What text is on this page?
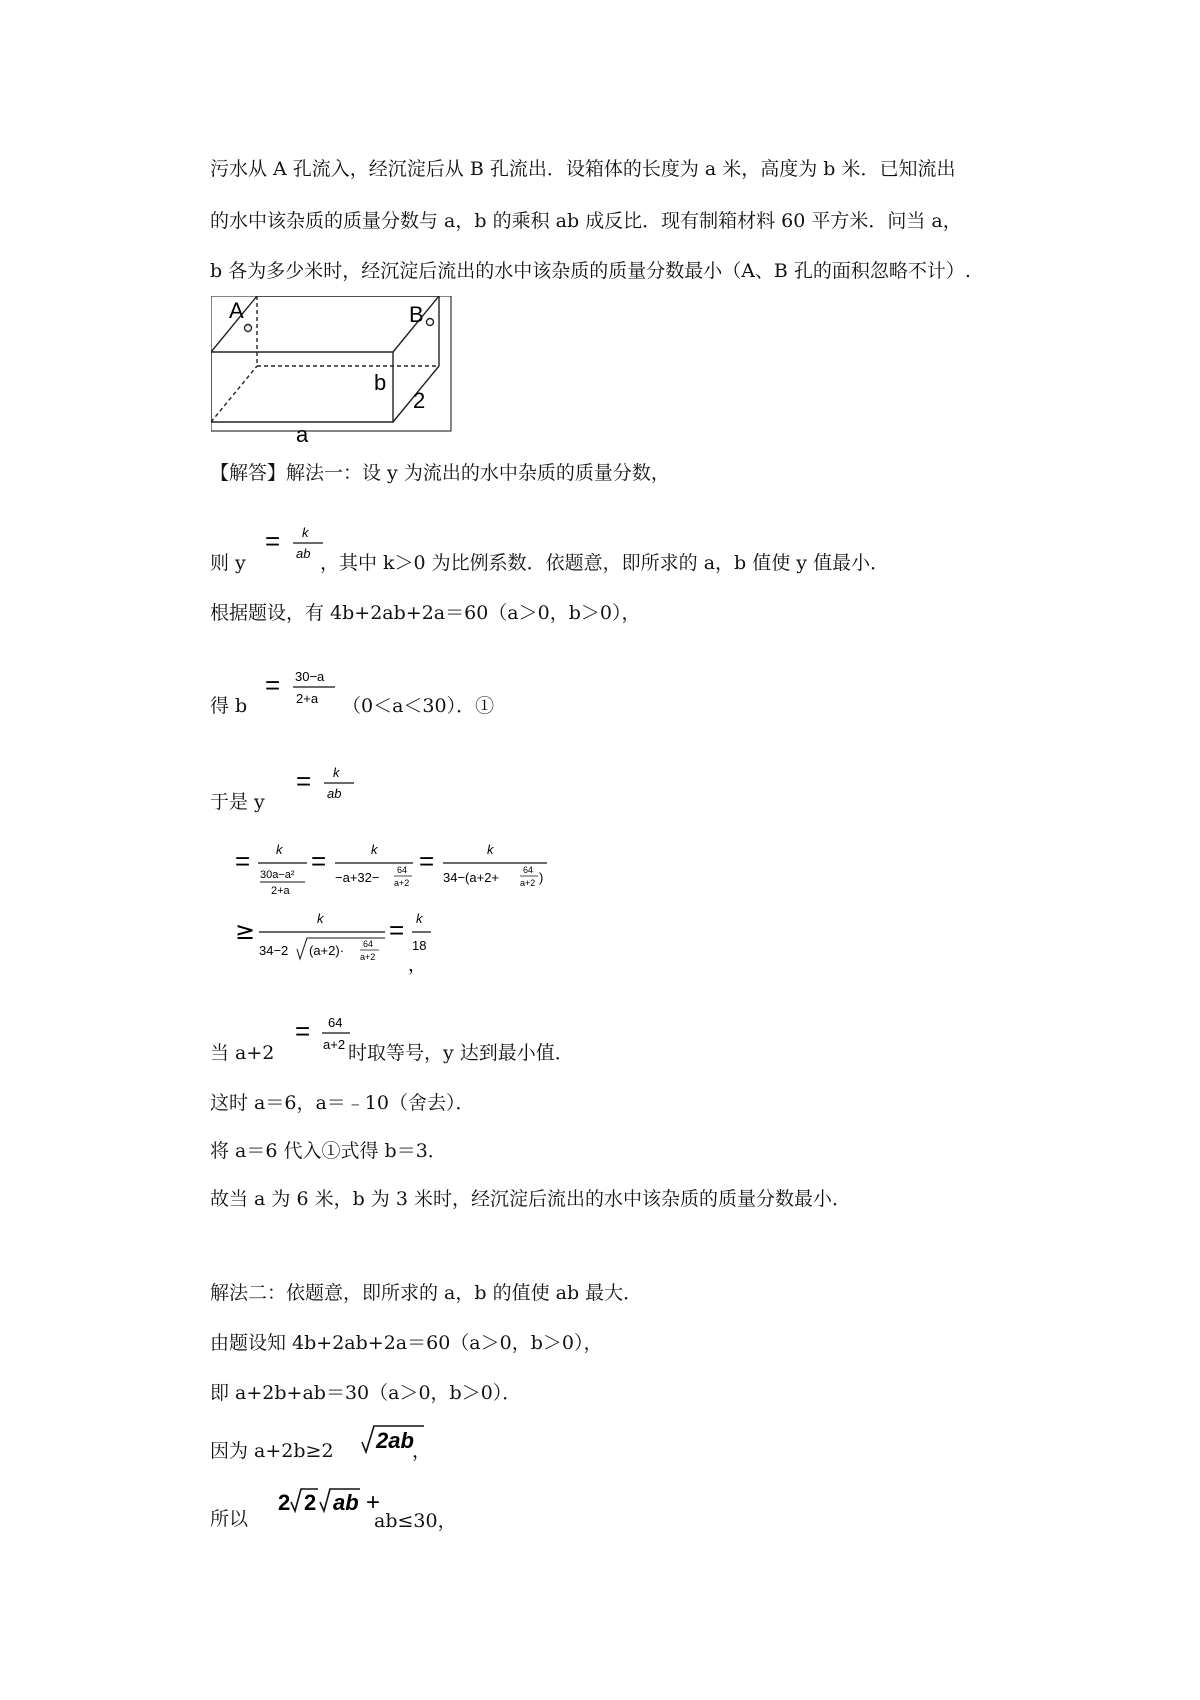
污水从 A 孔流入，经沉淀后从 B 孔流出．设箱体的长度为 a 米，高度为 b 米．已知流出
的水中该杂质的质量分数与 a，b 的乘积 ab 成反比．现有制箱材料 60 平方米．问当 a，
b 各为多少米时，经沉淀后流出的水中该杂质的质量分数最小（A、B 孔的面积忽略不计）.
A	B
b
2
a
【解答】解法一：设 y 为流出的水中杂质的质量分数，
则 y
= k
ab ，其中 k＞0 为比例系数．依题意，即所求的 a，b 值使 y 值最小．
根据题设，有 4b+2ab+2a＝60（a＞0，b＞0），
得 b
= 30−a
2+a （0＜a＜30）．①
于是 y
= k
ab
= k
30a−a²
2+a
=	k
−a+32− 64
a+2
=	k
34−(a+2+	64
a+2 )
≥	k
34−2 (a+2)· 64
a+2
= k
18
，
当 a+2
= 64
a+2 时取等号，y 达到最小值．
这时 a＝6，a＝﹣10（舍去）．
将 a＝6 代入①式得 b＝3．
故当 a 为 6 米，b 为 3 米时，经沉淀后流出的水中该杂质的质量分数最小．
解法二：依题意，即所求的 a，b 的值使 ab 最大．
由题设知 4b+2ab+2a＝60（a＞0，b＞0），
即 a+2b+ab＝30（a＞0，b＞0）．
因为 a+2b≥2 2ab
，
所以
2 2 ab +
ab≤30，
